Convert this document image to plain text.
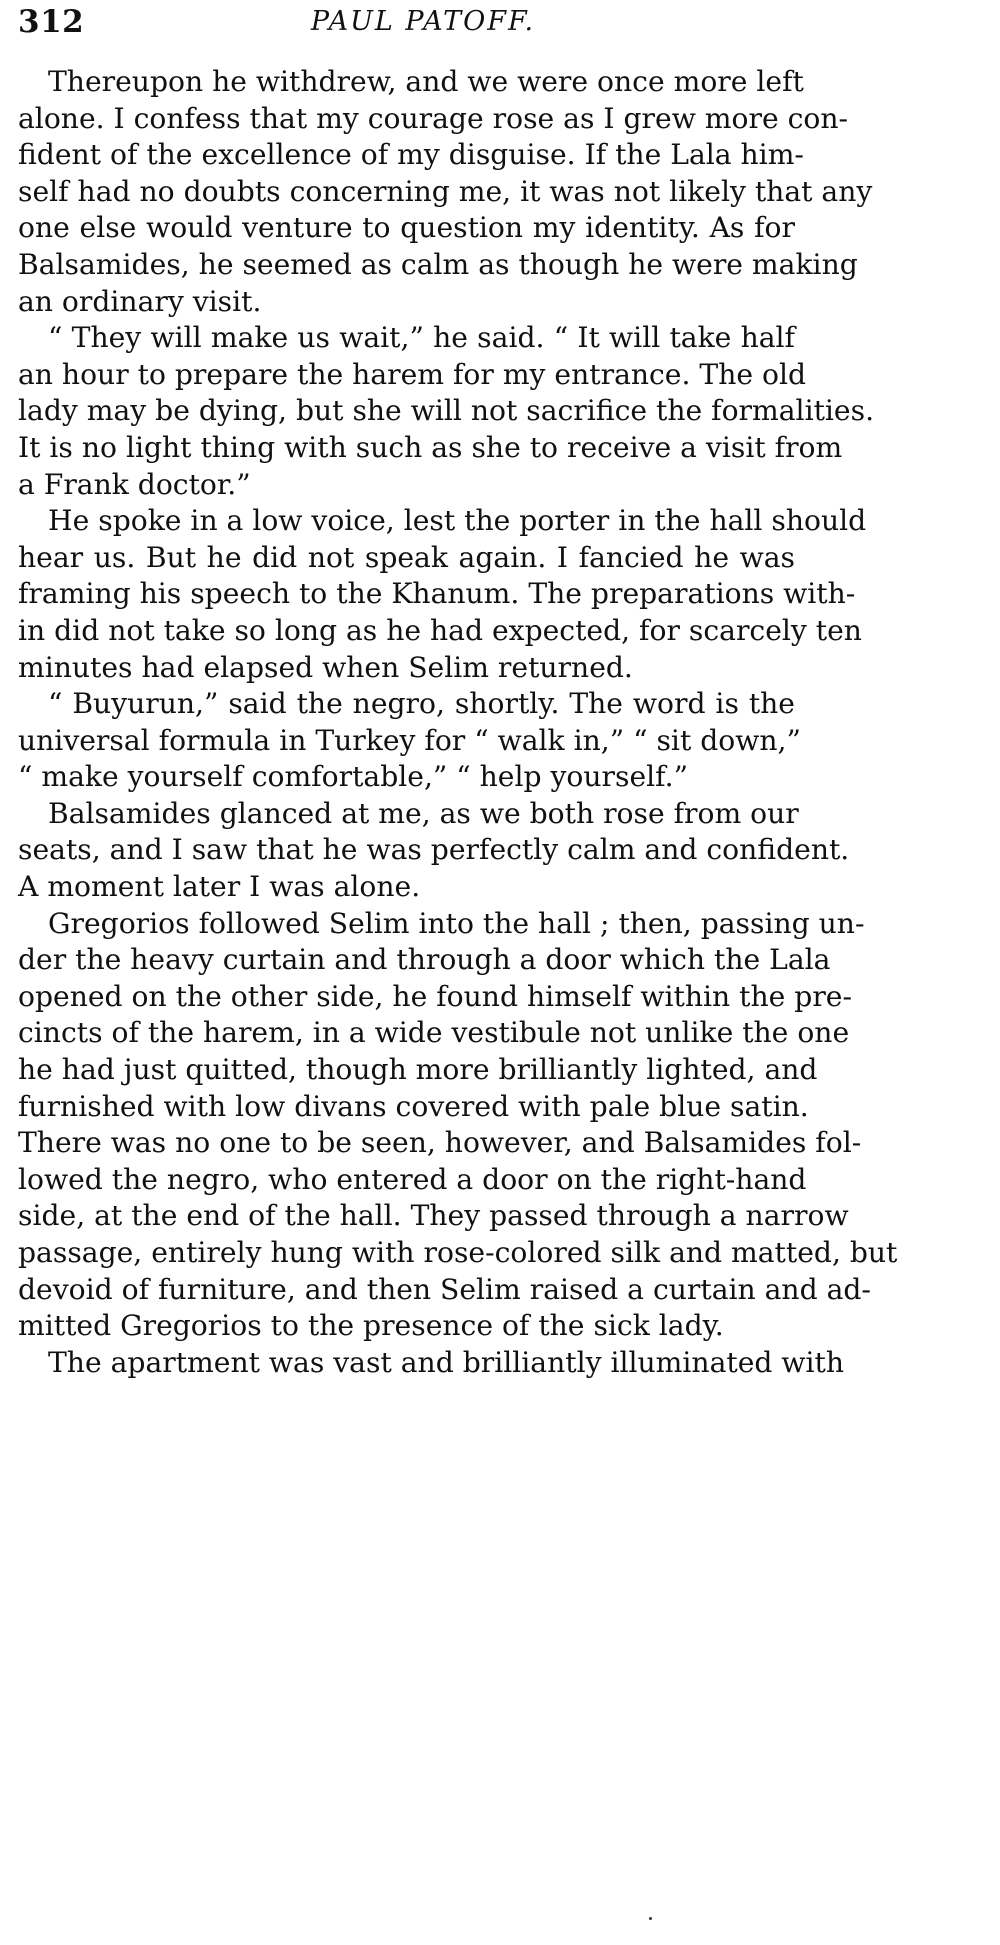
312	PAUL PATOFF.

Thereupon he withdrew, and we were once more left
alone. I confess that my courage rose as I grew more con-
fident of the excellence of my disguise. If the Lala him-
self had no doubts concerning me, it was not likely that any
one else would venture to question my identity. As for
Balsamides, he seemed as calm as though he were making
an ordinary visit.

“ They will make us wait,” he said. “ It will take half
an hour to prepare the harem for my entrance. The old
lady may be dying, but she will not sacrifice the formalities.
It is no light thing with such as she to receive a visit from
a Frank doctor.”

He spoke in a low voice, lest the porter in the hall should
hear us. But he did not speak again. I fancied he was
framing his speech to the Khanum. The preparations with-
in did not take so long as he had expected, for scarcely ten
minutes had elapsed when Selim returned.

“ Buyurun,” said the negro, shortly. The word is the
universal formula in Turkey for “ walk in,” “ sit down,”
“ make yourself comfortable,” “ help yourself.”

Balsamides glanced at me, as we both rose from our
seats, and I saw that he was perfectly calm and confident.
A moment later I was alone.

Gregorios followed Selim into the hall ; then, passing un-
der the heavy curtain and through a door which the Lala
opened on the other side, he found himself within the pre-
cincts of the harem, in a wide vestibule not unlike the one
he had just quitted, though more brilliantly lighted, and
furnished with low divans covered with pale blue satin.
There was no one to be seen, however, and Balsamides fol-
lowed the negro, who entered a door on the right-hand
side, at the end of the hall. They passed through a narrow
passage, entirely hung with rose-colored silk and matted, but
devoid of furniture, and then Selim raised a curtain and ad-
mitted Gregorios to the presence of the sick lady.

The apartment was vast and brilliantly illuminated with
